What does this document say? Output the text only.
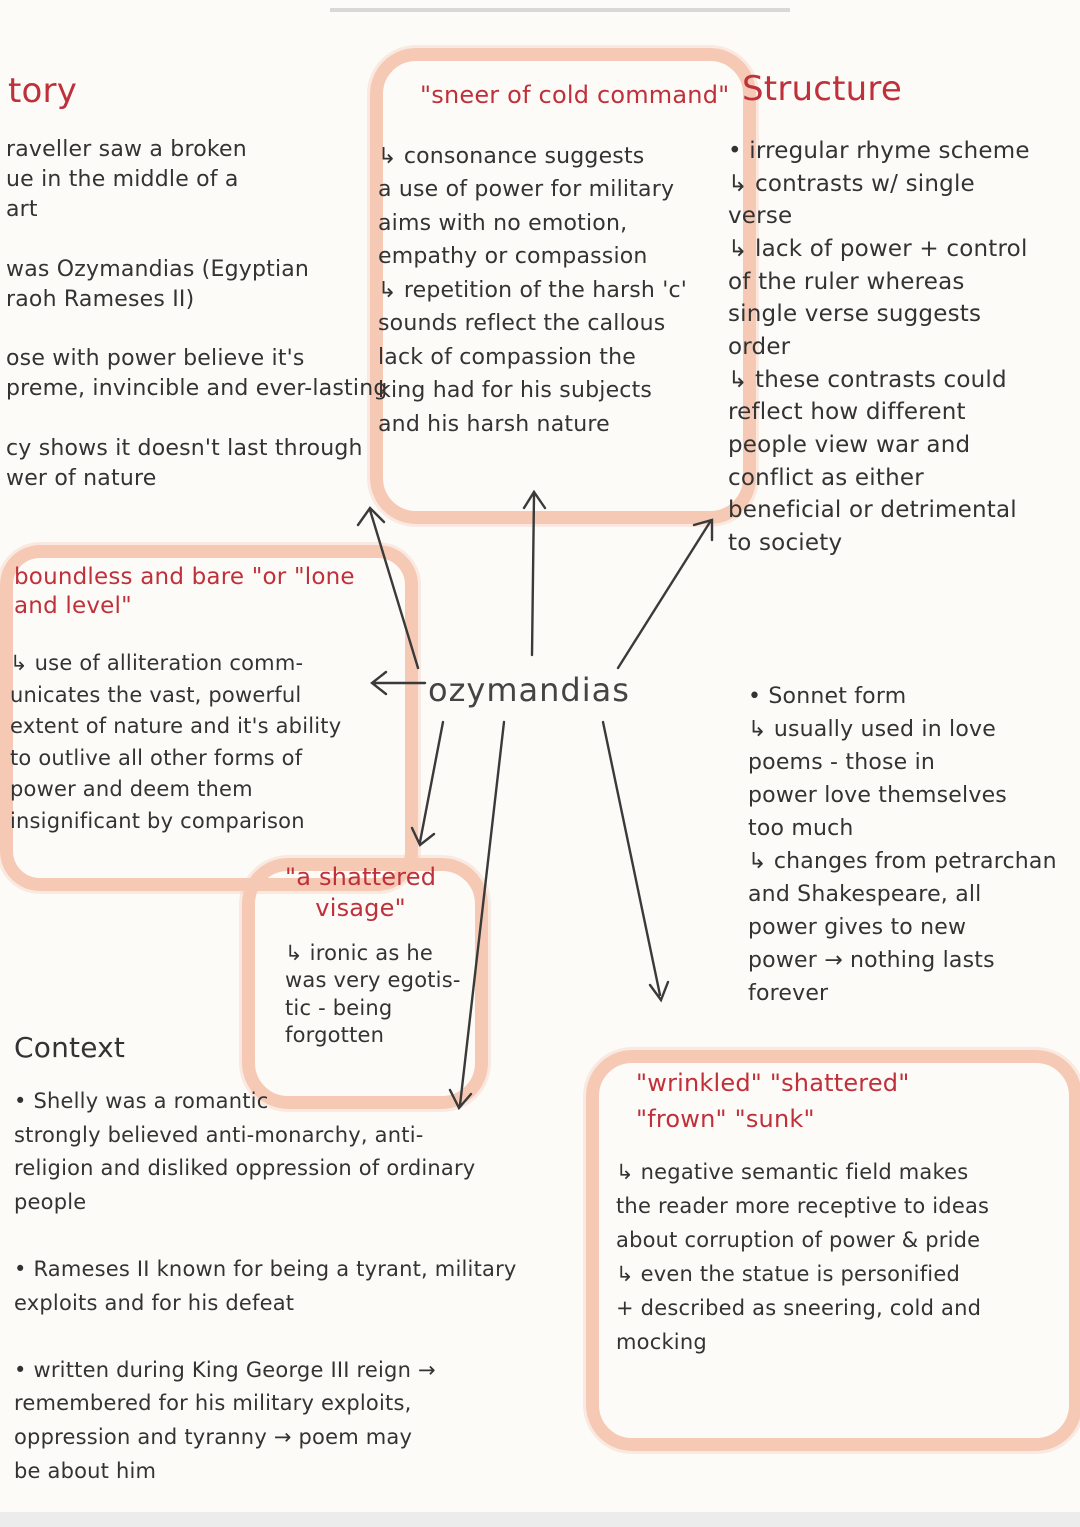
ozymandias
tory
raveller saw a broken
ue in the middle of a
art

was Ozymandias (Egyptian
raoh Rameses II)

ose with power believe it's
preme, invincible and ever-lasting

cy shows it doesn't last through
wer of nature
"sneer of cold command"
↳ consonance suggests
a use of power for military
aims with no emotion,
empathy or compassion
↳ repetition of the harsh 'c'
sounds reflect the callous
lack of compassion the
king had for his subjects
and his harsh nature
Structure
• irregular rhyme scheme
↳ contrasts w/ single
verse
↳ lack of power + control
of the ruler whereas
single verse suggests
order
↳ these contrasts could
reflect how different
people view war and
conflict as either
beneficial or detrimental
to society
boundless and bare "or "lone
and level"
↳ use of alliteration comm-
unicates the vast, powerful
extent of nature and it's ability
to outlive all other forms of
power and deem them
insignificant by comparison
• Sonnet form
↳ usually used in love
poems - those in
power love themselves
too much
↳ changes from petrarchan
and Shakespeare, all
power gives to new
power → nothing lasts
forever
"a shattered
visage"
↳ ironic as he
was very egotis-
tic - being
forgotten
Context
• Shelly was a romantic
strongly believed anti-monarchy, anti-
religion and disliked oppression of ordinary
people

• Rameses II known for being a tyrant, military
exploits and for his defeat

• written during King George III reign →
remembered for his military exploits,
oppression and tyranny → poem may
be about him
"wrinkled" "shattered"
"frown" "sunk"
↳ negative semantic field makes
the reader more receptive to ideas
about corruption of power & pride
↳ even the statue is personified
+ described as sneering, cold and
mocking
